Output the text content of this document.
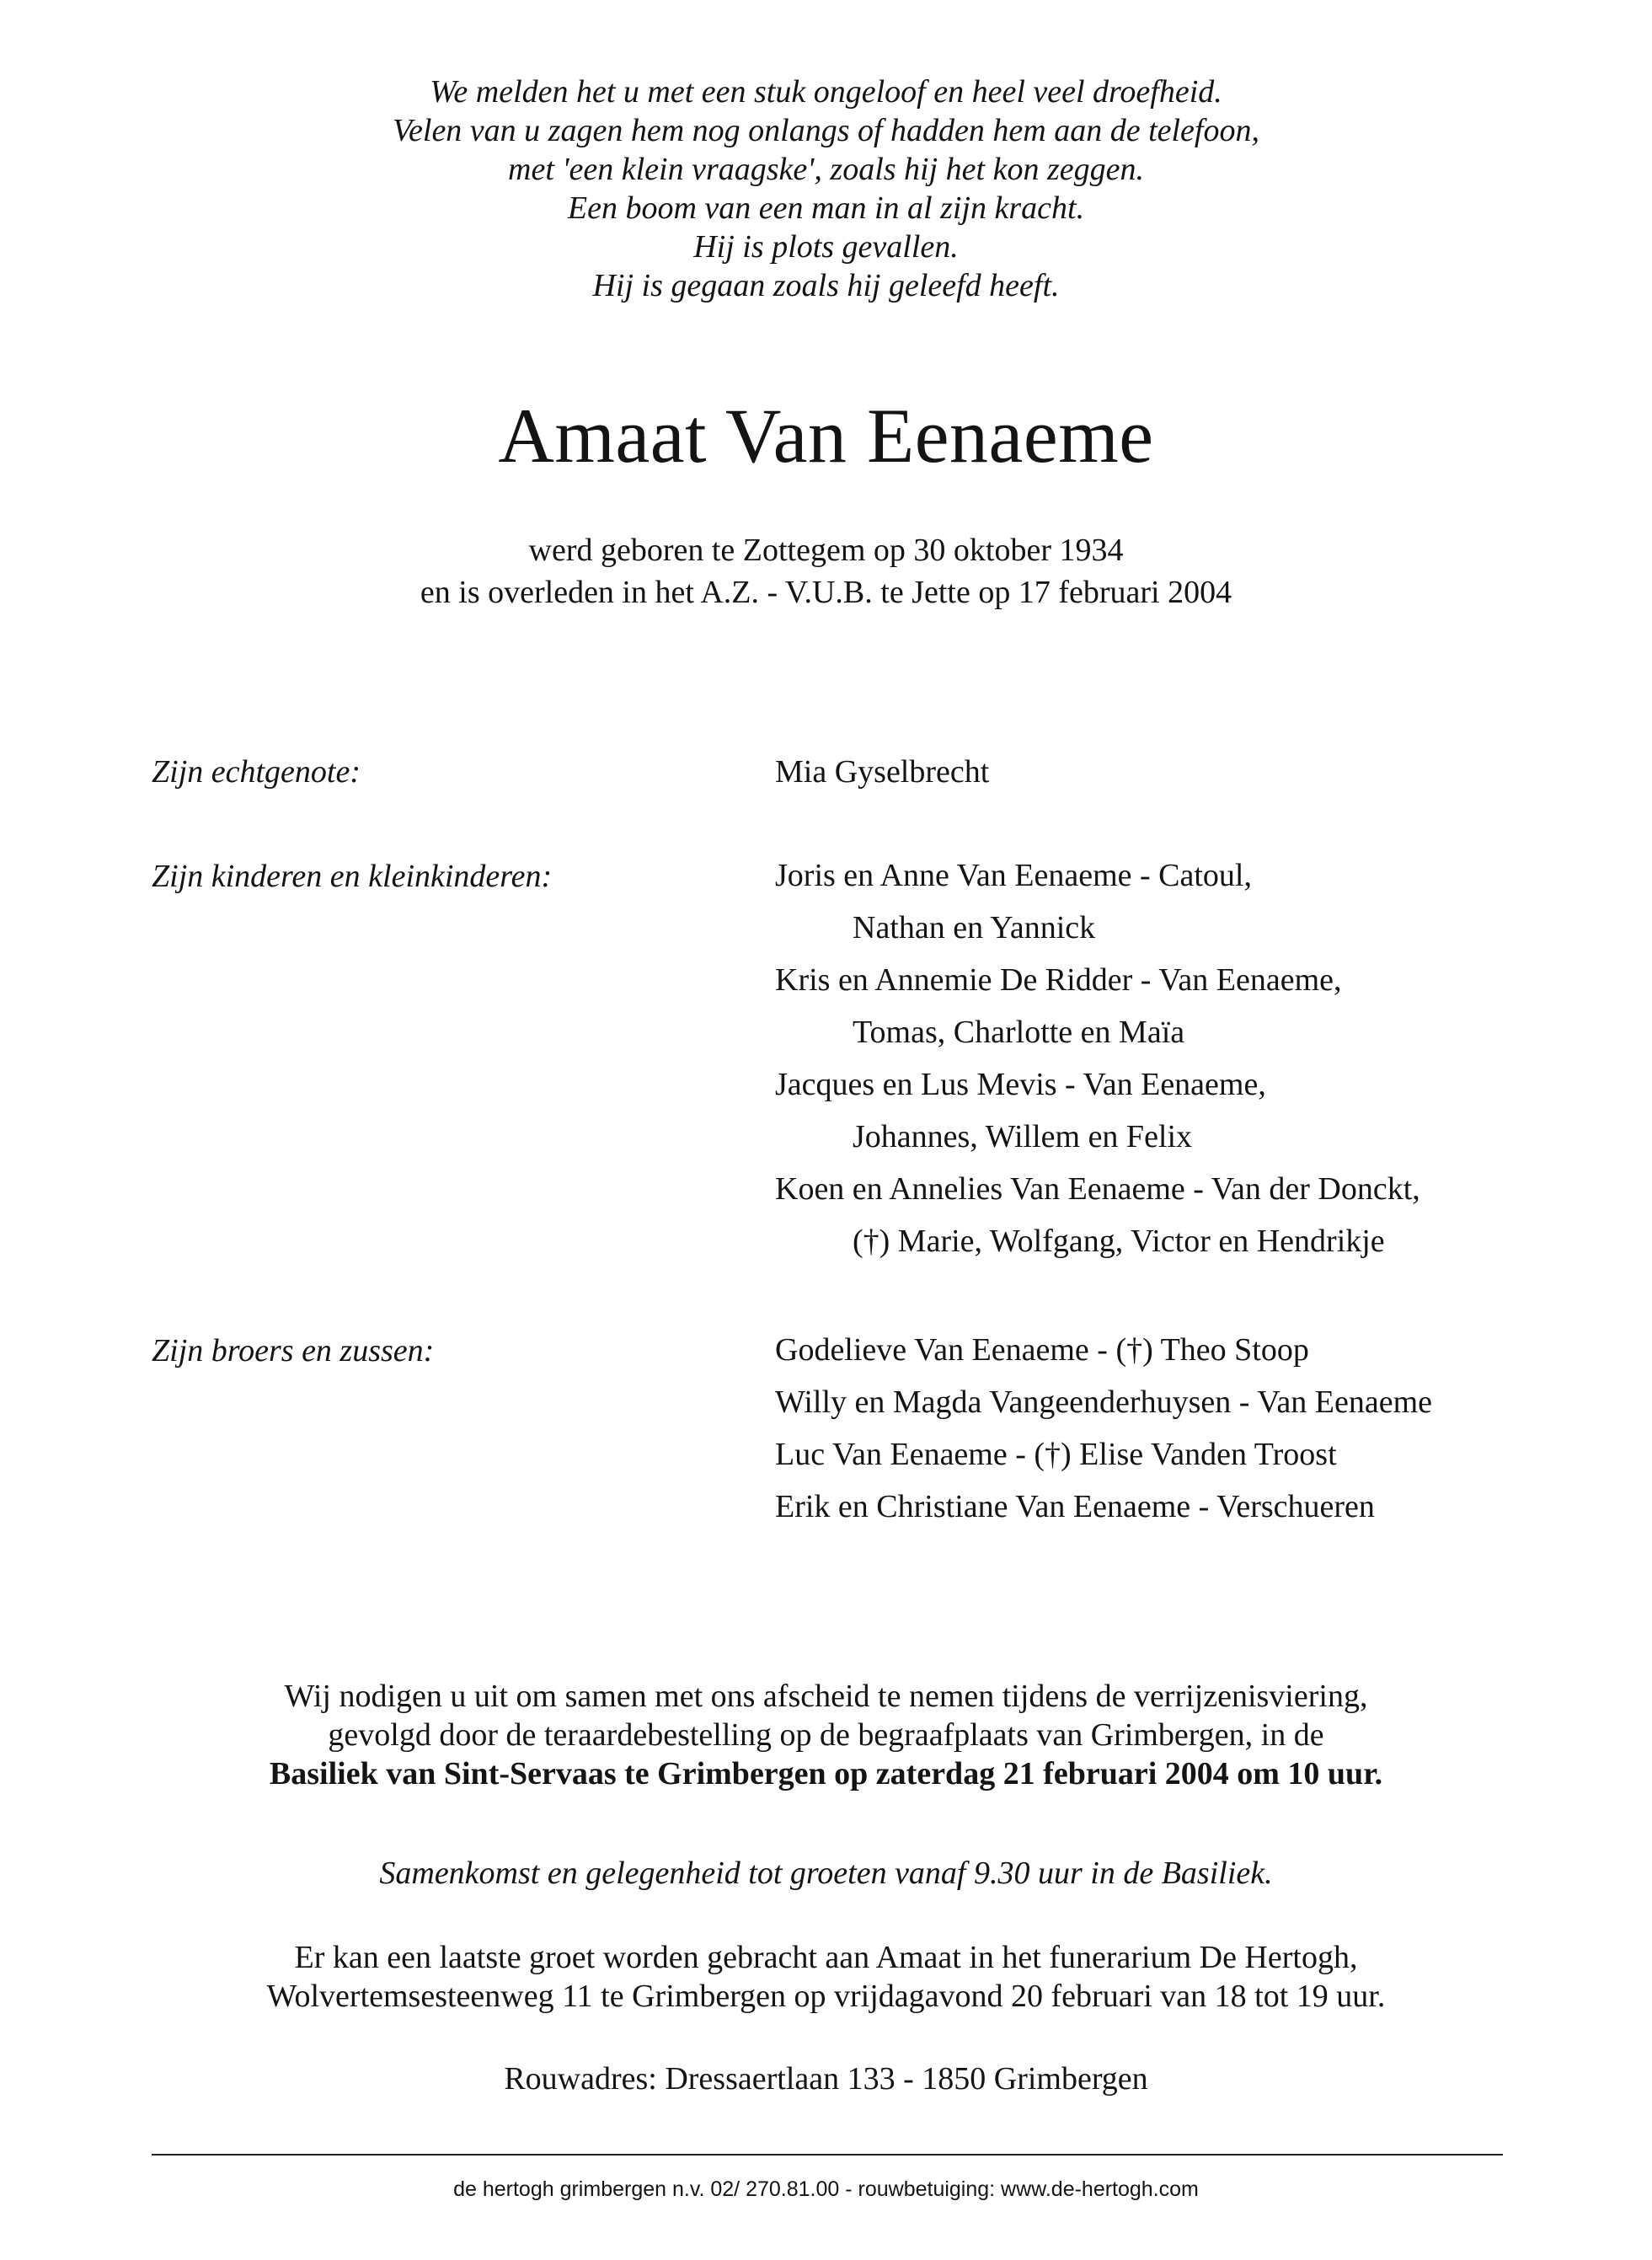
We melden het u met een stuk ongeloof en heel veel droefheid.
Velen van u zagen hem nog onlangs of hadden hem aan de telefoon,
met 'een klein vraagske', zoals hij het kon zeggen.
Een boom van een man in al zijn kracht.
Hij is plots gevallen.
Hij is gegaan zoals hij geleefd heeft.
Amaat Van Eenaeme
werd geboren te Zottegem op 30 oktober 1934
en is overleden in het A.Z. - V.U.B. te Jette op 17 februari 2004
Zijn echtgenote:	Mia Gyselbrecht
Zijn kinderen en kleinkinderen:	Joris en Anne Van Eenaeme - Catoul,
Nathan en Yannick
Kris en Annemie De Ridder - Van Eenaeme,
Tomas, Charlotte en Maïa
Jacques en Lus Mevis - Van Eenaeme,
Johannes, Willem en Felix
Koen en Annelies Van Eenaeme - Van der Donckt,
(†) Marie, Wolfgang, Victor en Hendrikje
Zijn broers en zussen:	Godelieve Van Eenaeme - (†) Theo Stoop
Willy en Magda Vangeenderhuysen - Van Eenaeme
Luc Van Eenaeme - (†) Elise Vanden Troost
Erik en Christiane Van Eenaeme - Verschueren
Wij nodigen u uit om samen met ons afscheid te nemen tijdens de verrijzenisviering,
gevolgd door de teraardebestelling op de begraafplaats van Grimbergen, in de
Basiliek van Sint-Servaas te Grimbergen op zaterdag 21 februari 2004 om 10 uur.
Samenkomst en gelegenheid tot groeten vanaf 9.30 uur in de Basiliek.
Er kan een laatste groet worden gebracht aan Amaat in het funerarium De Hertogh,
Wolvertemsesteenweg 11 te Grimbergen op vrijdagavond 20 februari van 18 tot 19 uur.
Rouwadres: Dressaertlaan 133 - 1850 Grimbergen
de hertogh grimbergen n.v. 02/ 270.81.00 - rouwbetuiging: www.de-hertogh.com
